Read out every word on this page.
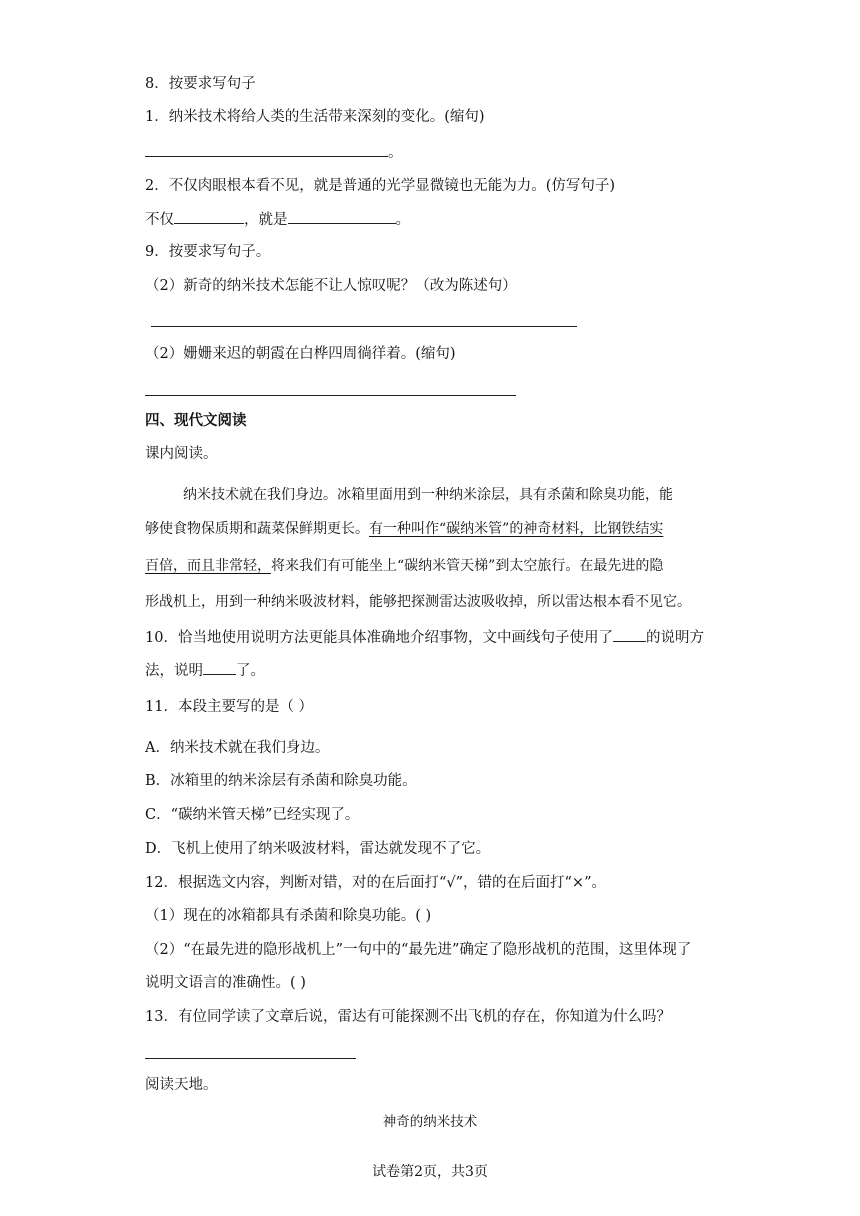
8．按要求写句子
1．纳米技术将给人类的生活带来深刻的变化。(缩句)
。
2．不仅肉眼根本看不见，就是普通的光学显微镜也无能为力。(仿写句子)
不仅	，就是	。
9．按要求写句子。
（2）新奇的纳米技术怎能不让人惊叹呢？（改为陈述句）
（2）姗姗来迟的朝霞在白桦四周徜徉着。(缩句)
四、现代文阅读
课内阅读。
纳米技术就在我们身边。冰箱里面用到一种纳米涂层，具有杀菌和除臭功能，能
够使食物保质期和蔬菜保鲜期更长。有一种叫作“碳纳米管”的神奇材料，比钢铁结实
百倍，而且非常轻，将来我们有可能坐上“碳纳米管天梯”到太空旅行。在最先进的隐
形战机上，用到一种纳米吸波材料，能够把探测雷达波吸收掉，所以雷达根本看不见它。
10．恰当地使用说明方法更能具体准确地介绍事物，文中画线句子使用了 的说明方
法，说明 了。
11．本段主要写的是（ ）
A．纳米技术就在我们身边。
B．冰箱里的纳米涂层有杀菌和除臭功能。
C．“碳纳米管天梯”已经实现了。
D．飞机上使用了纳米吸波材料，雷达就发现不了它。
12．根据选文内容，判断对错，对的在后面打“√”，错的在后面打“×”。
（1）现在的冰箱都具有杀菌和除臭功能。( )
（2）“在最先进的隐形战机上”一句中的“最先进”确定了隐形战机的范围，这里体现了
说明文语言的准确性。( )
13．有位同学读了文章后说，雷达有可能探测不出飞机的存在，你知道为什么吗？
阅读天地。
神奇的纳米技术
试卷第2页，共3页
